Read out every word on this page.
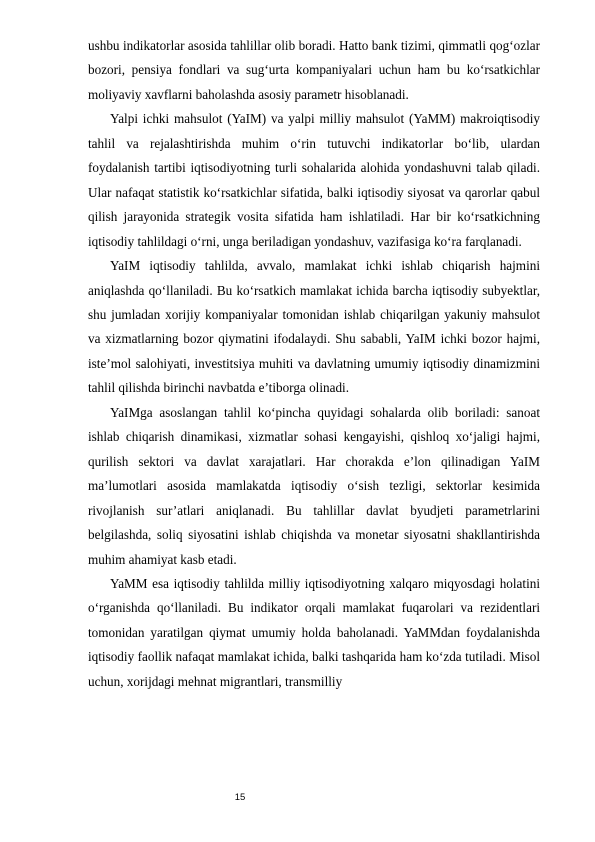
ushbu indikatorlar asosida tahlillar olib boradi. Hatto bank tizimi, qimmatli qog‘ozlar bozori, pensiya fondlari va sug‘urta kompaniyalari uchun ham bu ko‘rsatkichlar moliyaviy xavflarni baholashda asosiy parametr hisoblanadi.

Yalpi ichki mahsulot (YaIM) va yalpi milliy mahsulot (YaMM) makroiqtisodiy tahlil va rejalashtirishda muhim o‘rin tutuvchi indikatorlar bo‘lib, ulardan foydalanish tartibi iqtisodiyotning turli sohalarida alohida yondashuvni talab qiladi. Ular nafaqat statistik ko‘rsatkichlar sifatida, balki iqtisodiy siyosat va qarorlar qabul qilish jarayonida strategik vosita sifatida ham ishlatiladi. Har bir ko‘rsatkichning iqtisodiy tahlildagi o‘rni, unga beriladigan yondashuv, vazifasiga ko‘ra farqlanadi.

YaIM iqtisodiy tahlilda, avvalo, mamlakat ichki ishlab chiqarish hajmini aniqlashda qo‘llaniladi. Bu ko‘rsatkich mamlakat ichida barcha iqtisodiy subyektlar, shu jumladan xorijiy kompaniyalar tomonidan ishlab chiqarilgan yakuniy mahsulot va xizmatlarning bozor qiymatini ifodalaydi. Shu sababli, YaIM ichki bozor hajmi, iste’mol salohiyati, investitsiya muhiti va davlatning umumiy iqtisodiy dinamizmini tahlil qilishda birinchi navbatda e’tiborga olinadi.

YaIMga asoslangan tahlil ko‘pincha quyidagi sohalarda olib boriladi: sanoat ishlab chiqarish dinamikasi, xizmatlar sohasi kengayishi, qishloq xo‘jaligi hajmi, qurilish sektori va davlat xarajatlari. Har chorakda e’lon qilinadigan YaIM ma’lumotlari asosida mamlakatda iqtisodiy o‘sish tezligi, sektorlar kesimida rivojlanish sur’atlari aniqlanadi. Bu tahlillar davlat byudjeti parametrlarini belgilashda, soliq siyosatini ishlab chiqishda va monetar siyosatni shakllantirishda muhim ahamiyat kasb etadi.

YaMM esa iqtisodiy tahlilda milliy iqtisodiyotning xalqaro miqyosdagi holatini o‘rganishda qo‘llaniladi. Bu indikator orqali mamlakat fuqarolari va rezidentlari tomonidan yaratilgan qiymat umumiy holda baholanadi. YaMMdan foydalanishda iqtisodiy faollik nafaqat mamlakat ichida, balki tashqarida ham ko‘zda tutiladi. Misol uchun, xorijdagi mehnat migrantlari, transmilliy

15
